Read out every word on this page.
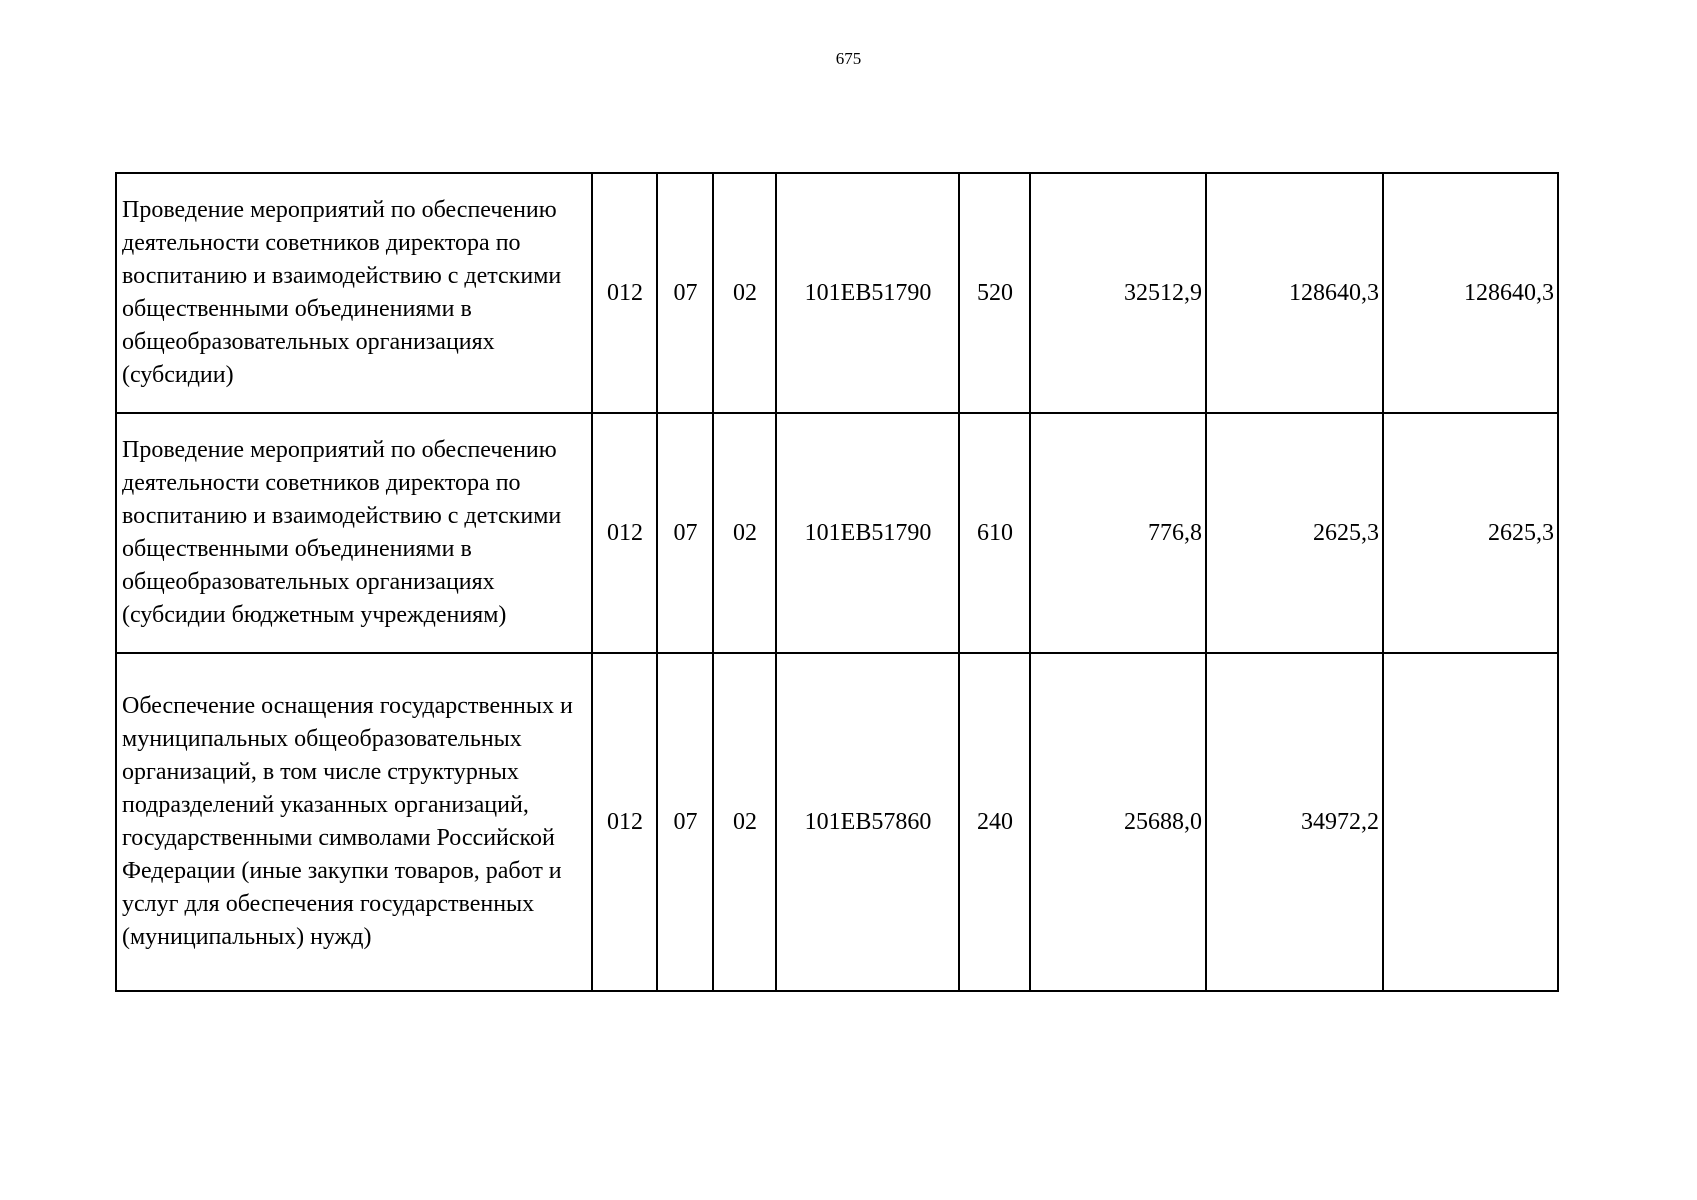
675
Проведение мероприятий по обеспечению деятельности советников директора по воспитанию и взаимодействию с детскими общественными объединениями в общеобразовательных организациях (субсидии)	012	07	02	101EB51790	520	32512,9	128640,3	128640,3
Проведение мероприятий по обеспечению деятельности советников директора по воспитанию и взаимодействию с детскими общественными объединениями в общеобразовательных организациях (субсидии бюджетным учреждениям)	012	07	02	101EB51790	610	776,8	2625,3	2625,3
Обеспечение оснащения государственных и муниципальных общеобразовательных организаций, в том числе структурных подразделений указанных организаций, государственными символами Российской Федерации (иные закупки товаров, работ и услуг для обеспечения государственных (муниципальных) нужд)	012	07	02	101EB57860	240	25688,0	34972,2	
